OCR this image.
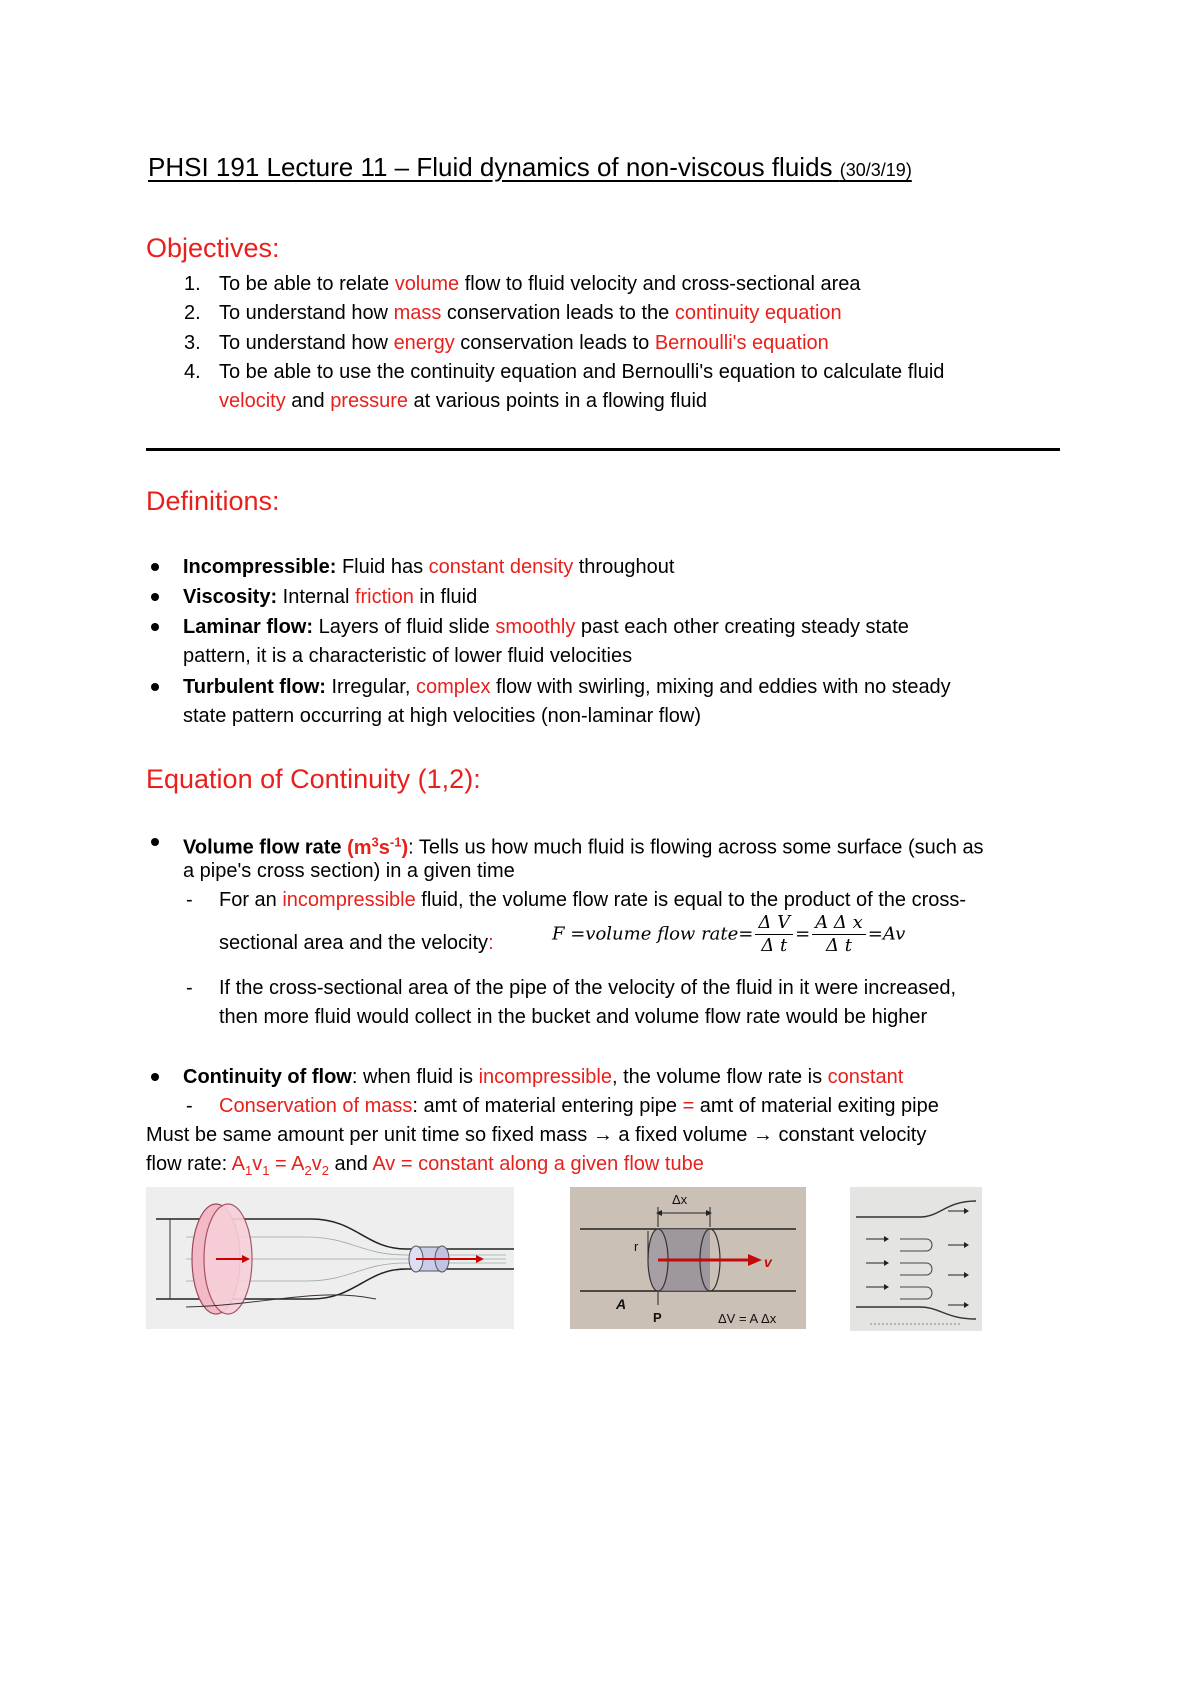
PHSI 191 Lecture 11 – Fluid dynamics of non-viscous fluids (30/3/19)
Objectives:
1. To be able to relate volume flow to fluid velocity and cross-sectional area
2. To understand how mass conservation leads to the continuity equation
3. To understand how energy conservation leads to Bernoulli's equation
4. To be able to use the continuity equation and Bernoulli's equation to calculate fluid
velocity and pressure at various points in a flowing fluid
Definitions:
Incompressible: Fluid has constant density throughout
Viscosity: Internal friction in fluid
Laminar flow: Layers of fluid slide smoothly past each other creating steady state
pattern, it is a characteristic of lower fluid velocities
Turbulent flow: Irregular, complex flow with swirling, mixing and eddies with no steady
state pattern occurring at high velocities (non-laminar flow)
Equation of Continuity (1,2):
Volume flow rate $(m^3s^{-1})$: Tells us how much fluid is flowing across some surface (such as
a pipe's cross section) in a given time
- For an incompressible fluid, the volume flow rate is equal to the product of the cross-
sectional area and the velocity:	F =volume flow rate= $\frac{\text{Δ V}}{\text{Δ t}} = \frac{\text{A Δ x}}{\text{Δ t}} =Av$
- If the cross-sectional area of the pipe of the velocity of the fluid in it were increased,
then more fluid would collect in the bucket and volume flow rate would be higher
Continuity of flow: when fluid is incompressible, the volume flow rate is constant
- Conservation of mass: amt of material entering pipe = amt of material exiting pipe
Must be same amount per unit time so fixed mass → a fixed volume → constant velocity
flow rate: $A_1v_1 = A_2v_2$ and Av = constant along a given flow tube
Δx
r
v
A
P	ΔV = A Δx
